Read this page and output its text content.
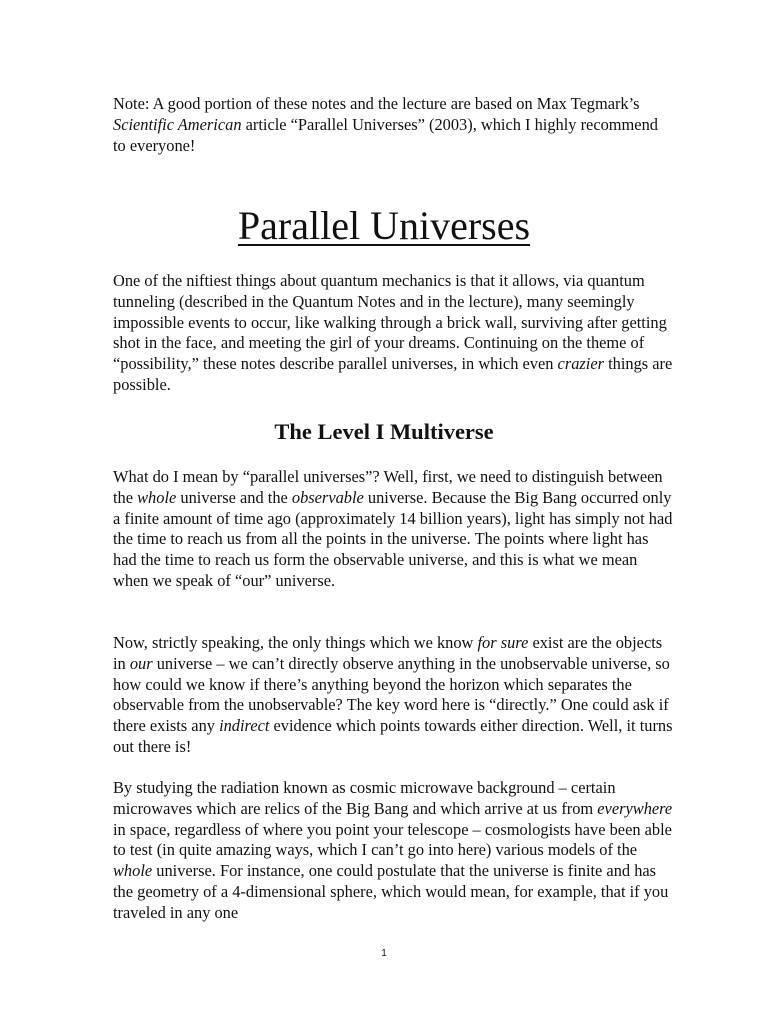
Note: A good portion of these notes and the lecture are based on Max Tegmark’s Scientific American article “Parallel Universes” (2003), which I highly recommend to everyone!

Parallel Universes

One of the niftiest things about quantum mechanics is that it allows, via quantum tunneling (described in the Quantum Notes and in the lecture), many seemingly impossible events to occur, like walking through a brick wall, surviving after getting shot in the face, and meeting the girl of your dreams. Continuing on the theme of “possibility,” these notes describe parallel universes, in which even crazier things are possible.

The Level I Multiverse

What do I mean by “parallel universes”? Well, first, we need to distinguish between the whole universe and the observable universe. Because the Big Bang occurred only a finite amount of time ago (approximately 14 billion years), light has simply not had the time to reach us from all the points in the universe. The points where light has had the time to reach us form the observable universe, and this is what we mean when we speak of “our” universe.

Now, strictly speaking, the only things which we know for sure exist are the objects in our universe – we can’t directly observe anything in the unobservable universe, so how could we know if there’s anything beyond the horizon which separates the observable from the unobservable? The key word here is “directly.” One could ask if there exists any indirect evidence which points towards either direction. Well, it turns out there is!

By studying the radiation known as cosmic microwave background – certain microwaves which are relics of the Big Bang and which arrive at us from everywhere in space, regardless of where you point your telescope – cosmologists have been able to test (in quite amazing ways, which I can’t go into here) various models of the whole universe. For instance, one could postulate that the universe is finite and has the geometry of a 4-dimensional sphere, which would mean, for example, that if you traveled in any one

1
